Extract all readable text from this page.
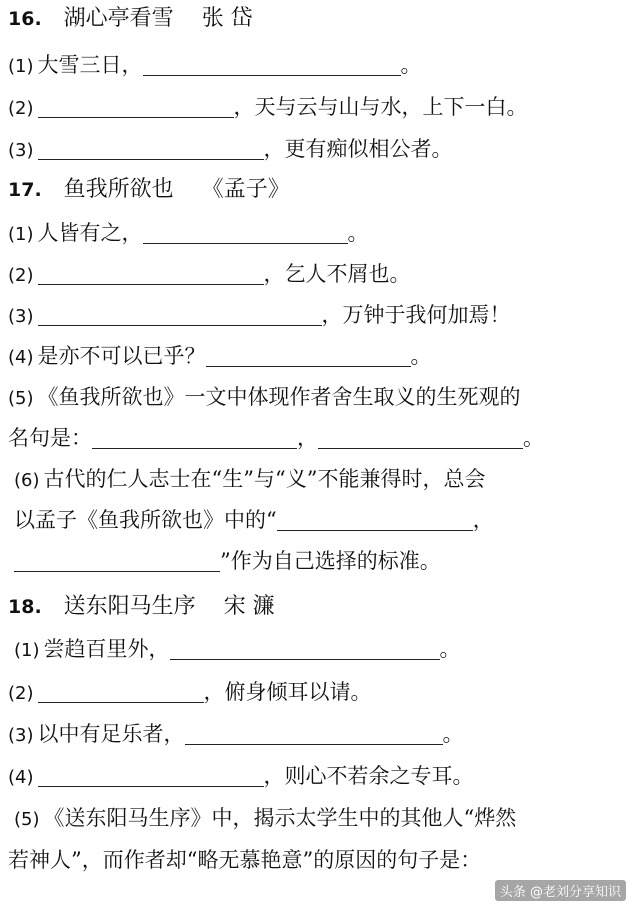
16. 湖心亭看雪 张 岱
(1) 大雪三日，	。
(2)	，天与云与山与水，上下一白。
(3)	，更有痴似相公者。
17. 鱼我所欲也 《孟子》
(1) 人皆有之，	。
(2)	，乞人不屑也。
(3)	，万钟于我何加焉！
(4) 是亦不可以已乎？	。
(5) 《鱼我所欲也》一文中体现作者舍生取义的生死观的
名句是：	，	。
(6) 古代的仁人志士在“生”与“义”不能兼得时，总会
以孟子《鱼我所欲也》中的“	，
”作为自己选择的标准。
18. 送东阳马生序 宋 濂
(1) 尝趋百里外，	。
(2)	，俯身倾耳以请。
(3) 以中有足乐者，	。
(4)	，则心不若余之专耳。
(5) 《送东阳马生序》中，揭示太学生中的其他人“烨然
若神人”，而作者却“略无慕艳意”的原因的句子是：
头条 @老刘分享知识
